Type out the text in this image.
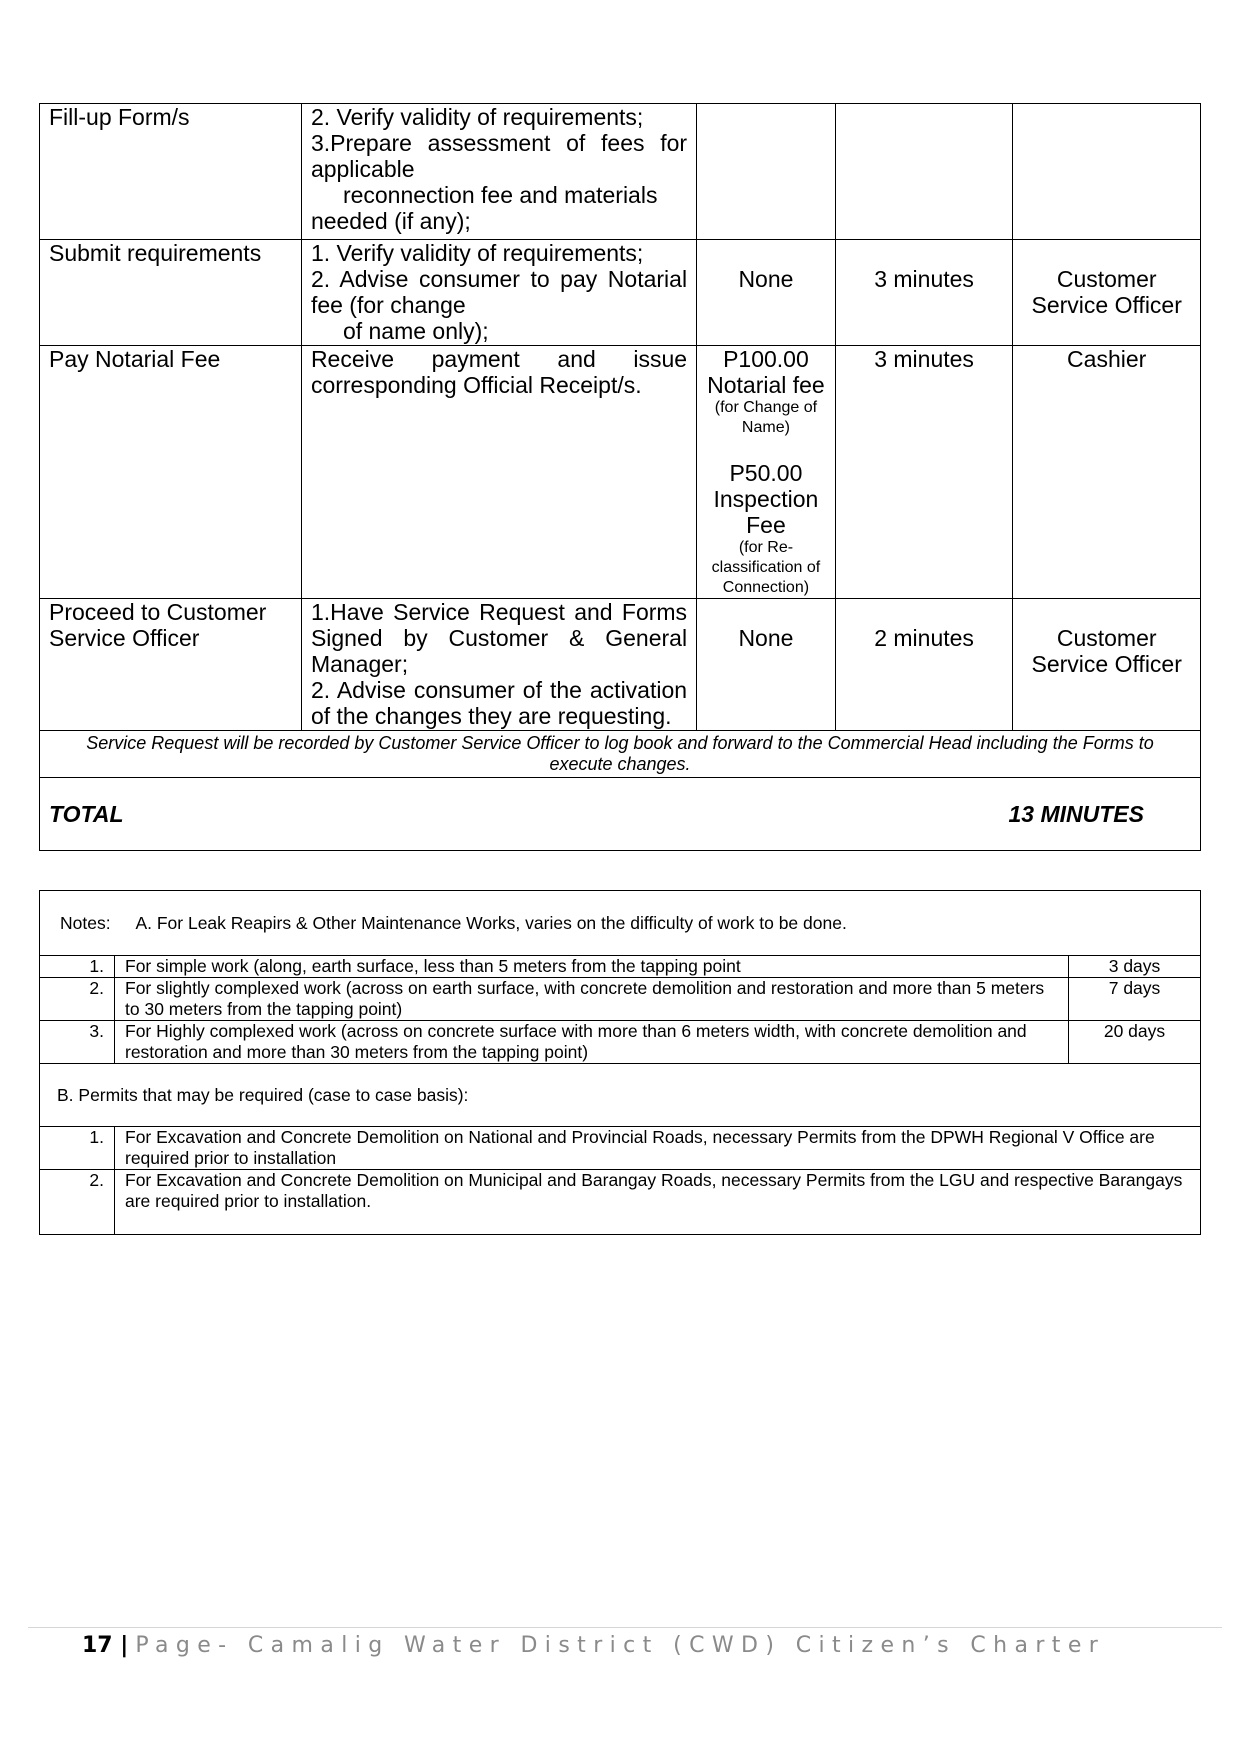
Fill-up Form/s	2. Verify validity of requirements;
3.Prepare assessment of fees for applicable
reconnection fee and materials
needed (if any);			

Submit requirements	1. Verify validity of requirements;
2. Advise consumer to pay Notarial fee (for change
of name only);	None	3 minutes	Customer Service Officer
Pay Notarial Fee	Receive payment and issue corresponding Official Receipt/s.	P100.00 Notarial fee
(for Change of Name)
P50.00 Inspection Fee
(for Re-classification of Connection)	3 minutes	Cashier
Proceed to Customer Service Officer	1.Have Service Request and Forms Signed by Customer & General Manager;
2. Advise consumer of the activation of the changes they are requesting.	None	2 minutes	Customer Service Officer
Service Request will be recorded by Customer Service Officer to log book and forward to the Commercial Head including the Forms to execute changes.				
TOTAL 13 MINUTES				
Notes: A. For Leak Reapirs & Other Maintenance Works, varies on the difficulty of work to be done.		
1.	For simple work (along, earth surface, less than 5 meters from the tapping point	3 days
2.	For slightly complexed work (across on earth surface, with concrete demolition and restoration and more than 5 meters to 30 meters from the tapping point)	7 days
3.	For Highly complexed work (across on concrete surface with more than 6 meters width, with concrete demolition and restoration and more than 30 meters from the tapping point)	20 days
B. Permits that may be required (case to case basis):		
1.	For Excavation and Concrete Demolition on National and Provincial Roads, necessary Permits from the DPWH Regional V Office are required prior to installation	
2.	For Excavation and Concrete Demolition on Municipal and Barangay Roads, necessary Permits from the LGU and respective Barangays are required prior to installation.	
17 | Page- Camalig Water District (CWD) Citizen’s Charter
